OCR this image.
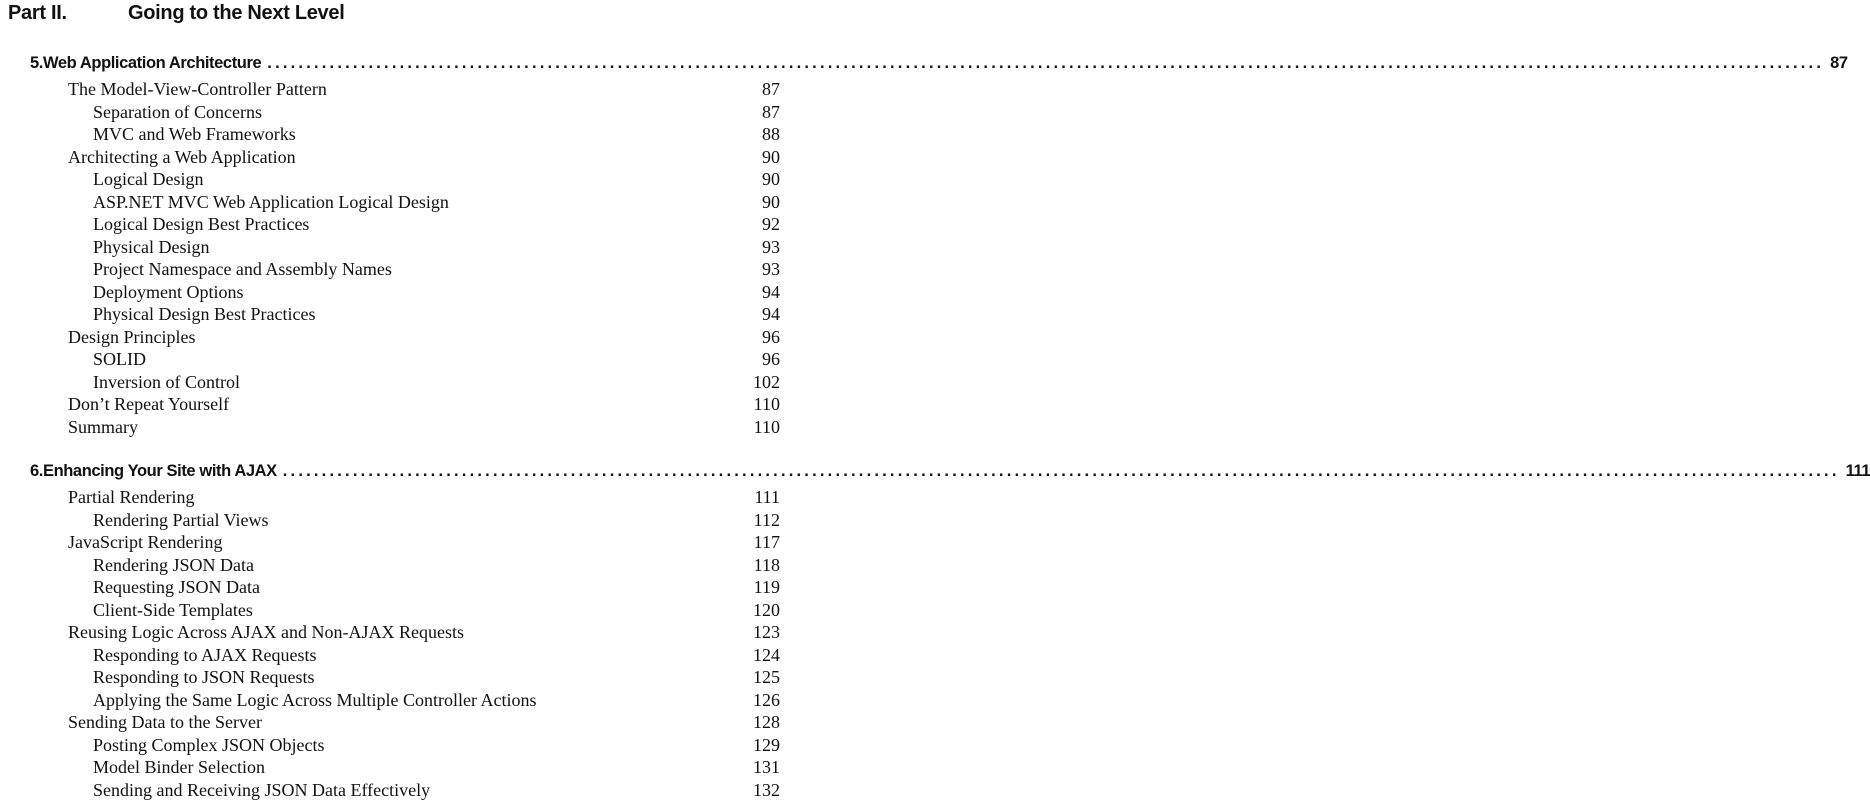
Part II.	Going to the Next Level
5. Web Application Architecture ........................................................................................................................................................................................................ 87
The Model-View-Controller Pattern	87
Separation of Concerns	87
MVC and Web Frameworks	88
Architecting a Web Application	90
Logical Design	90
ASP.NET MVC Web Application Logical Design	90
Logical Design Best Practices	92
Physical Design	93
Project Namespace and Assembly Names	93
Deployment Options	94
Physical Design Best Practices	94
Design Principles	96
SOLID	96
Inversion of Control	102
Don’t Repeat Yourself	110
Summary	110
6. Enhancing Your Site with AJAX ........................................................................................................................................................................................................ 111
Partial Rendering	111
Rendering Partial Views	112
JavaScript Rendering	117
Rendering JSON Data	118
Requesting JSON Data	119
Client-Side Templates	120
Reusing Logic Across AJAX and Non-AJAX Requests	123
Responding to AJAX Requests	124
Responding to JSON Requests	125
Applying the Same Logic Across Multiple Controller Actions	126
Sending Data to the Server	128
Posting Complex JSON Objects	129
Model Binder Selection	131
Sending and Receiving JSON Data Effectively	132
